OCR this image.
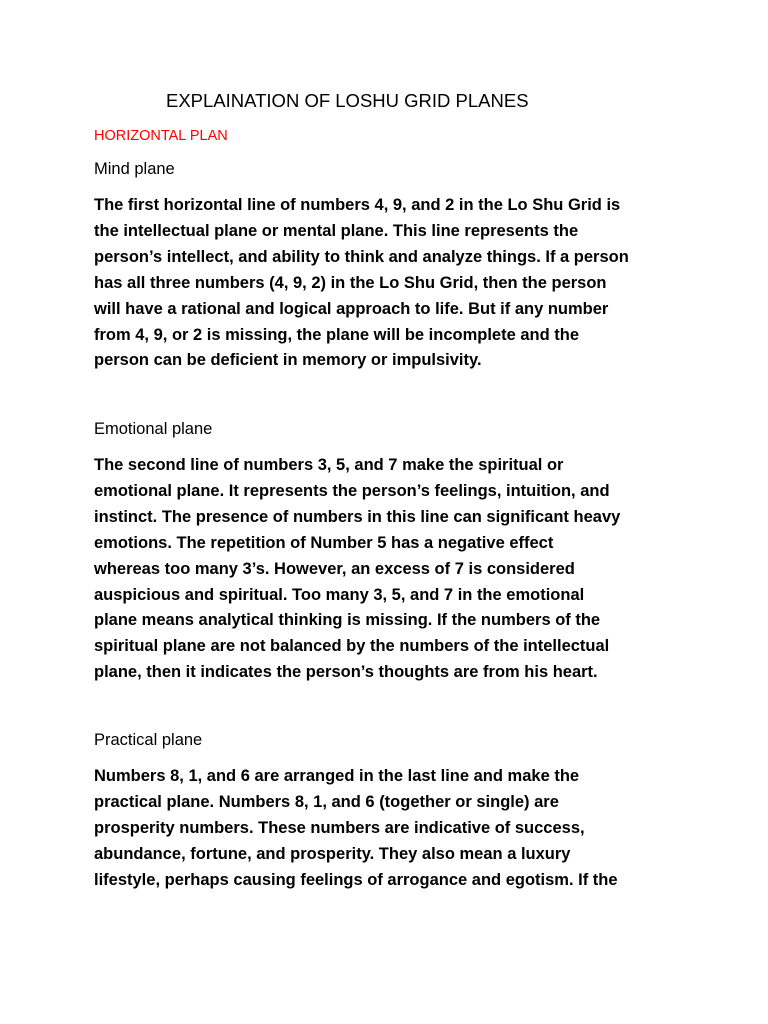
EXPLAINATION OF LOSHU GRID PLANES
HORIZONTAL PLAN
Mind plane

The first horizontal line of numbers 4, 9, and 2 in the Lo Shu Grid is
the intellectual plane or mental plane. This line represents the
person’s intellect, and ability to think and analyze things. If a person
has all three numbers (4, 9, 2) in the Lo Shu Grid, then the person
will have a rational and logical approach to life. But if any number
from 4, 9, or 2 is missing, the plane will be incomplete and the
person can be deficient in memory or impulsivity.

Emotional plane

The second line of numbers 3, 5, and 7 make the spiritual or
emotional plane. It represents the person’s feelings, intuition, and
instinct. The presence of numbers in this line can significant heavy
emotions. The repetition of Number 5 has a negative effect
whereas too many 3’s. However, an excess of 7 is considered
auspicious and spiritual. Too many 3, 5, and 7 in the emotional
plane means analytical thinking is missing. If the numbers of the
spiritual plane are not balanced by the numbers of the intellectual
plane, then it indicates the person’s thoughts are from his heart.

Practical plane

Numbers 8, 1, and 6 are arranged in the last line and make the
practical plane. Numbers 8, 1, and 6 (together or single) are
prosperity numbers. These numbers are indicative of success,
abundance, fortune, and prosperity. They also mean a luxury
lifestyle, perhaps causing feelings of arrogance and egotism. If the
